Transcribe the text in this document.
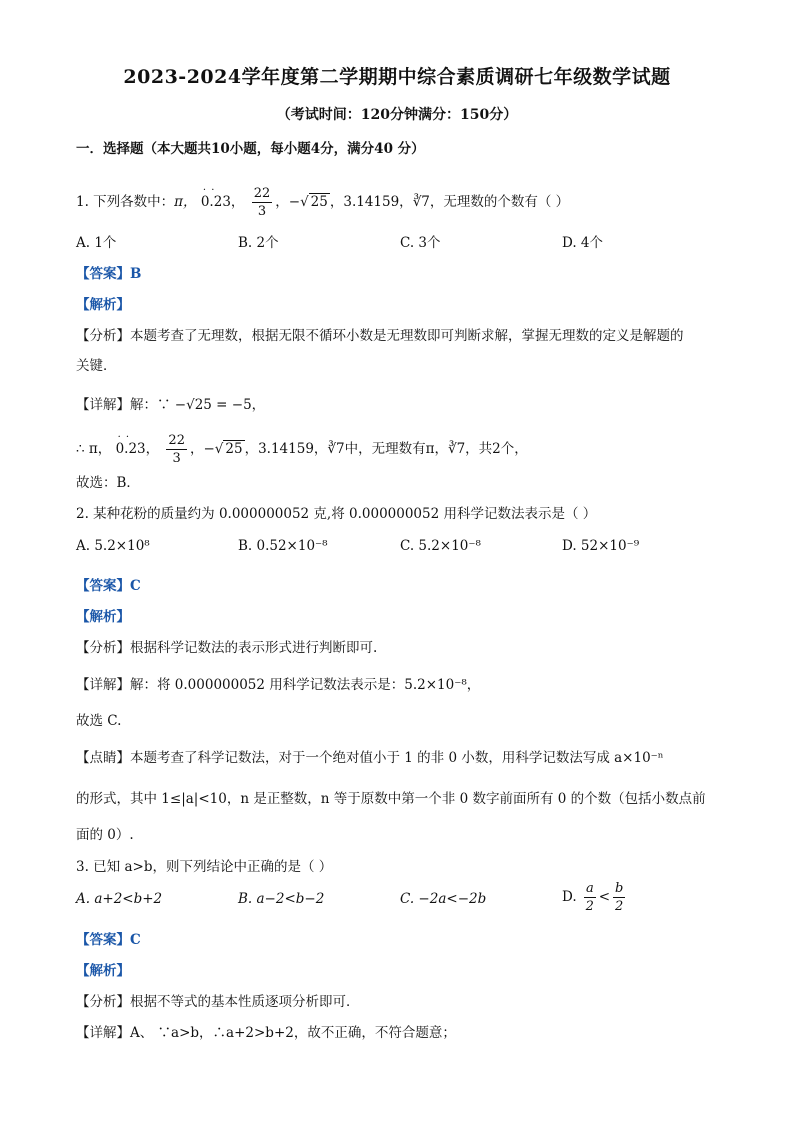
2023-2024学年度第二学期期中综合素质调研七年级数学试题
（考试时间：120分钟满分：150分）
一．选择题（本大题共10小题，每小题4分，满分40 分）
1. 下列各数中：π， · · 0.23， $\frac{22}{3}$ ，−√ 25 ，3.14159，∛7，无理数的个数有（ ）
A. 1个	B. 2个	C. 3个	D. 4个
【答案】B
【解析】
【分析】本题考查了无理数，根据无限不循环小数是无理数即可判断求解，掌握无理数的定义是解题的
关键．
【详解】解：∵ −√25 = −5，
∴ π， · · 0.23， $\frac{22}{3}$ ，−√ 25 ，3.14159，∛7中，无理数有π，∛7，共2个，
故选：B．
2. 某种花粉的质量约为 0.000000052 克,将 0.000000052 用科学记数法表示是（ ）
A. 5.2×10⁸	B. 0.52×10⁻⁸	C. 5.2×10⁻⁸	D. 52×10⁻⁹
【答案】C
【解析】
【分析】根据科学记数法的表示形式进行判断即可.
【详解】解：将 0.000000052 用科学记数法表示是：5.2×10⁻⁸，
故选 C.
【点睛】本题考查了科学记数法，对于一个绝对值小于 1 的非 0 小数，用科学记数法写成 a×10⁻ⁿ
的形式，其中 1≤|a|<10，n 是正整数，n 等于原数中第一个非 0 数字前面所有 0 的个数（包括小数点前
面的 0）.
3. 已知 a>b，则下列结论中正确的是（ ）
A. a+2<b+2	B. a−2<b−2	C. −2a<−2b	D. $\frac{a}{2} < \frac{b}{2}$
【答案】C
【解析】
【分析】根据不等式的基本性质逐项分析即可．
【详解】A、 ∵a>b，∴a+2>b+2，故不正确，不符合题意；
